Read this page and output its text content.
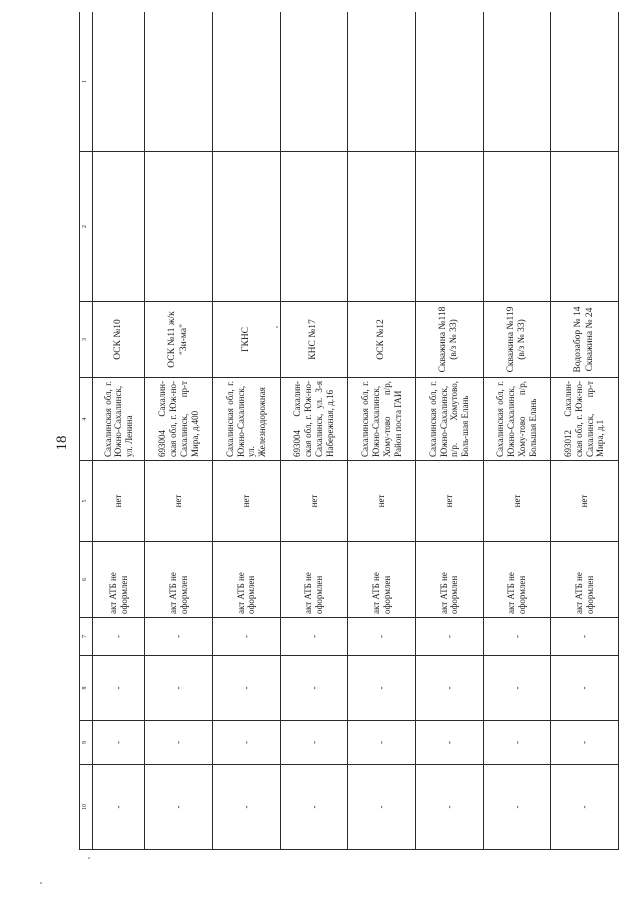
18
10	9	8	7	6	5	4	3	2	1
-	-	-	-	акт АТБ не оформлен	нет	Сахалинская обл, г. Южно-Сахалинск, ул. Ленина	ОСК №10		
-	-	-	-	акт АТБ не оформлен	нет	693004 Сахалин-ская обл, г. Юж-но-Сахалинск, пр-т Мира, д.400	ОСК №11 ж/к "Зи-ма"		
-	-	-	-	акт АТБ не оформлен	нет	Сахалинская обл, г. Южно-Сахалинск, ул. Железнодорожная	ГКНС		
-	-	-	-	акт АТБ не оформлен	нет	693004 Сахалин-ская обл, г. Юж-но-Сахалинск, ул. 3-я Набережная, д.16	КНС №17		
-	-	-	-	акт АТБ не оформлен	нет	Сахалинская обл, г. Южно-Сахалинск, Хому-тово п/р, Район поста ГАИ	ОСК №12		
-	-	-	-	акт АТБ не оформлен	нет	Сахалинская обл, г. Южно-Сахалинск, п/р. Хомутово, Боль-шая Елань	Скважина №118 (в/з № 33)		
-	-	-	-	акт АТБ не оформлен	нет	Сахалинская обл, г. Южно-Сахалинск, Хому-тово п/р, Большая Елань	Скважина №119 (в/з № 33)		
-	-	-	-	акт АТБ не оформлен	нет	693012 Сахалин-ская обл, г. Юж-но-Сахалинск, пр-т Мира, д.1	Водозабор № 14 Скважина № 24		
